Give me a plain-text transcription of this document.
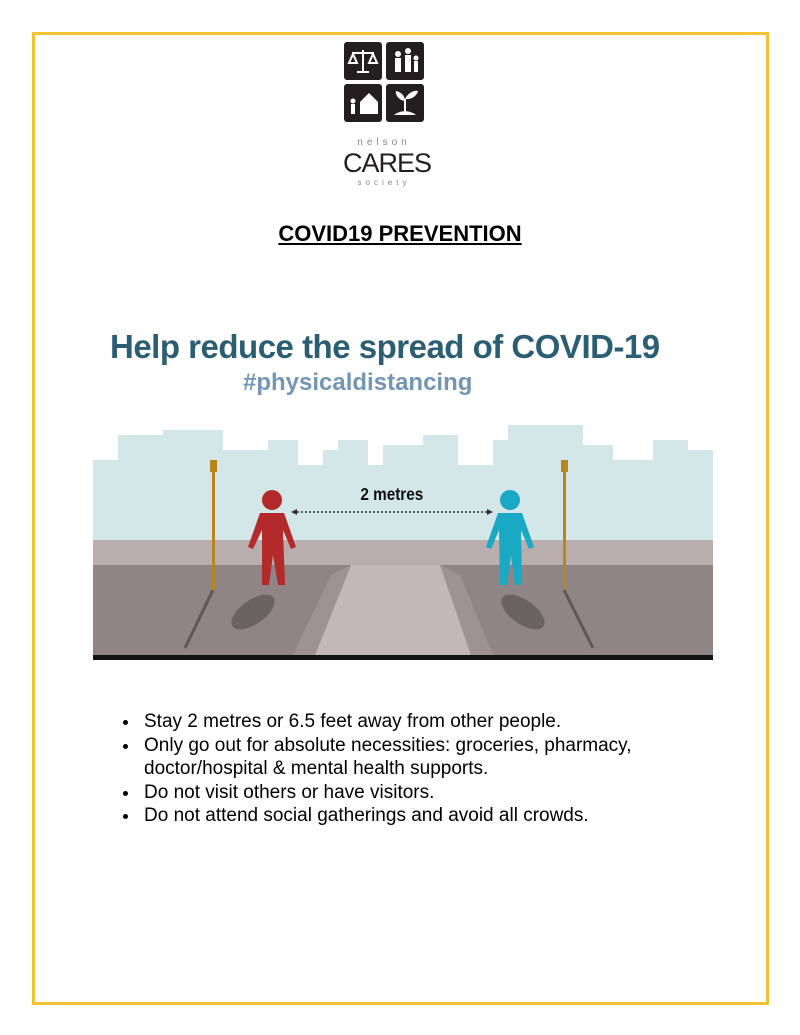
nelson
CARES
society
COVID19 PREVENTION
Help reduce the spread of COVID-19
#physicaldistancing
2 metres
• Stay 2 metres or 6.5 feet away from other people.
• Only go out for absolute necessities: groceries, pharmacy, doctor/hospital & mental health supports.
• Do not visit others or have visitors.
• Do not attend social gatherings and avoid all crowds.
